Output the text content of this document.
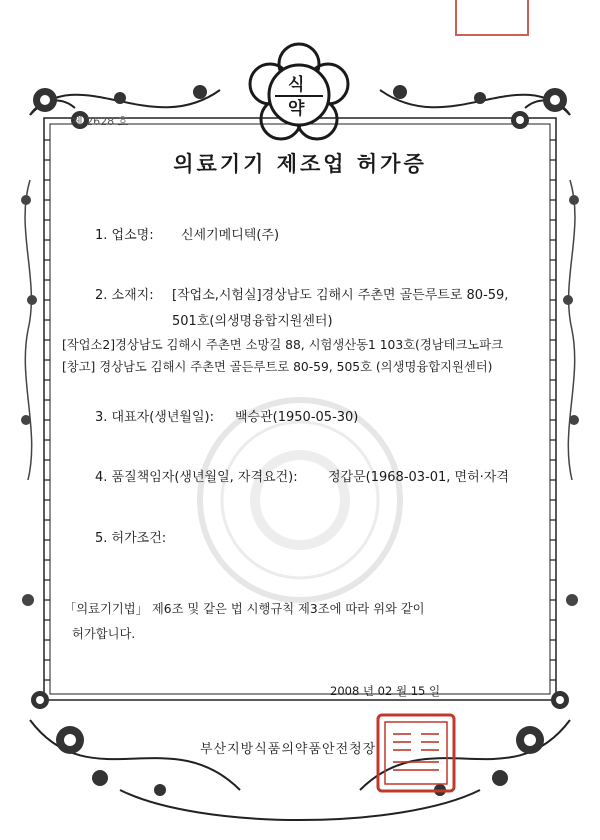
식
약
제 2628 호
의료기기 제조업 허가증
1. 업소명: 신세기메디텍(주)
2. 소재지: [작업소,시험실]경상남도 김해시 주촌면 골든루트로 80-59,
501호(의생명융합지원센터)
[작업소2]경상남도 김해시 주촌면 소망길 88, 시험생산동1 103호(경남테크노파크
[창고] 경상남도 김해시 주촌면 골든루트로 80-59, 505호 (의생명융합지원센터)
3. 대표자(생년월일): 백승관(1950-05-30)
4. 품질책임자(생년월일, 자격요건): 정갑문(1968-03-01, 면허·자격
5. 허가조건:
「의료기기법」 제6조 및 같은 법 시행규칙 제3조에 따라 위와 같이
허가합니다.
2008 년 02 월 15 일
부산지방식품의약품안전청장
